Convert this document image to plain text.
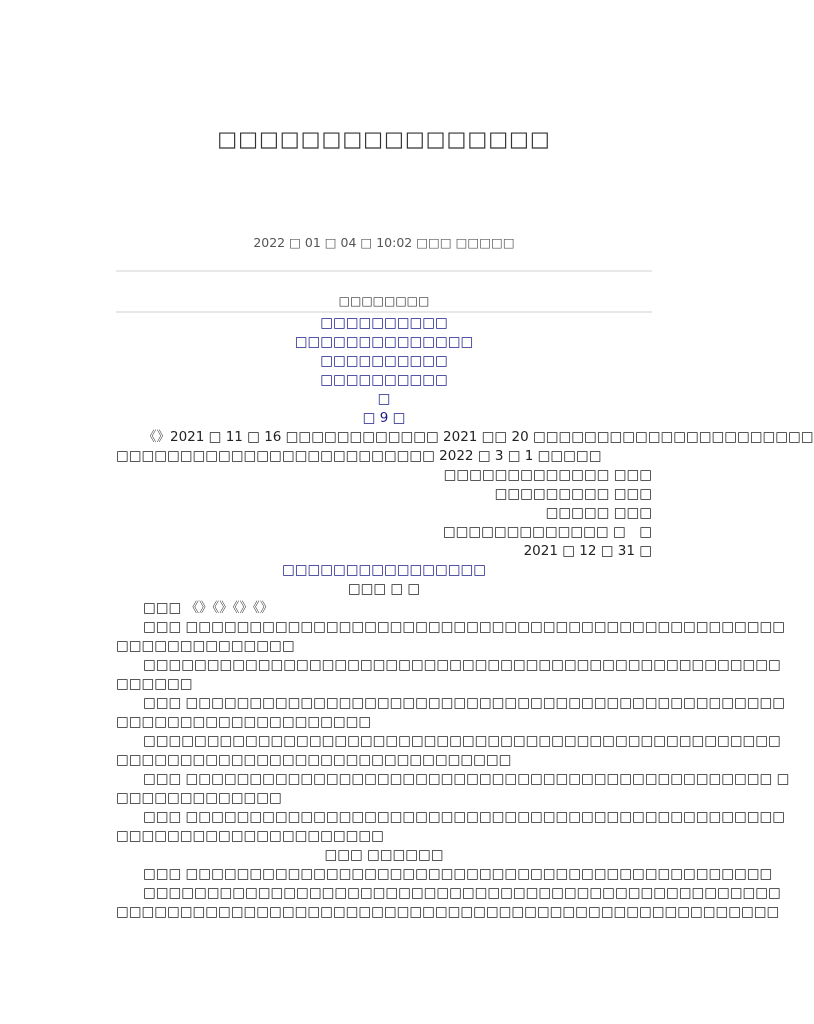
□□□□□□□□□□□□□□□□
2022 □ 01 □ 04 □ 10:02 □□□ □□□□□
□□□□□□□□
□□□□□□□□□□
□□□□□□□□□□□□□□
□□□□□□□□□□
□□□□□□□□□□
□
□ 9 □
《》2021 □ 11 □ 16 □□□□□□□□□□□□ 2021 □□ 20 □□□□□□□□□□□□□□□□□□□□□□
□□□□□□□□□□□□□□□□□□□□□□□□□ 2022 □ 3 □ 1 □□□□□
□□□□□□□□□□□□□ □□□
□□□□□□□□□ □□□
□□□□□ □□□
□□□□□□□□□□□□□ □　□
2021 □ 12 □ 31 □
□□□□□□□□□□□□□□□□
□□□ □ □
□□□ 《》《》《》《》
□□□ □□□□□□□□□□□□□□□□□□□□□□□□□□□□□□□□□□□□□□□□□□□□□□□
□□□□□□□□□□□□□□
□□□□□□□□□□□□□□□□□□□□□□□□□□□□□□□□□□□□□□□□□□□□□□□□□□
□□□□□□
□□□ □□□□□□□□□□□□□□□□□□□□□□□□□□□□□□□□□□□□□□□□□□□□□□□
□□□□□□□□□□□□□□□□□□□□
□□□□□□□□□□□□□□□□□□□□□□□□□□□□□□□□□□□□□□□□□□□□□□□□□□
□□□□□□□□□□□□□□□□□□□□□□□□□□□□□□□
□□□ □□□□□□□□□□□□□□□□□□□□□□□□□□□□□□□□□□□□□□□□□□□□□□ □
□□□□□□□□□□□□□
□□□ □□□□□□□□□□□□□□□□□□□□□□□□□□□□□□□□□□□□□□□□□□□□□□□
□□□□□□□□□□□□□□□□□□□□□
□□□ □□□□□□
□□□ □□□□□□□□□□□□□□□□□□□□□□□□□□□□□□□□□□□□□□□□□□□□□□
□□□□□□□□□□□□□□□□□□□□□□□□□□□□□□□□□□□□□□□□□□□□□□□□□□
□□□□□□□□□□□□□□□□□□□□□□□□□□□□□□□□□□□□□□□□□□□□□□□□□□□□
